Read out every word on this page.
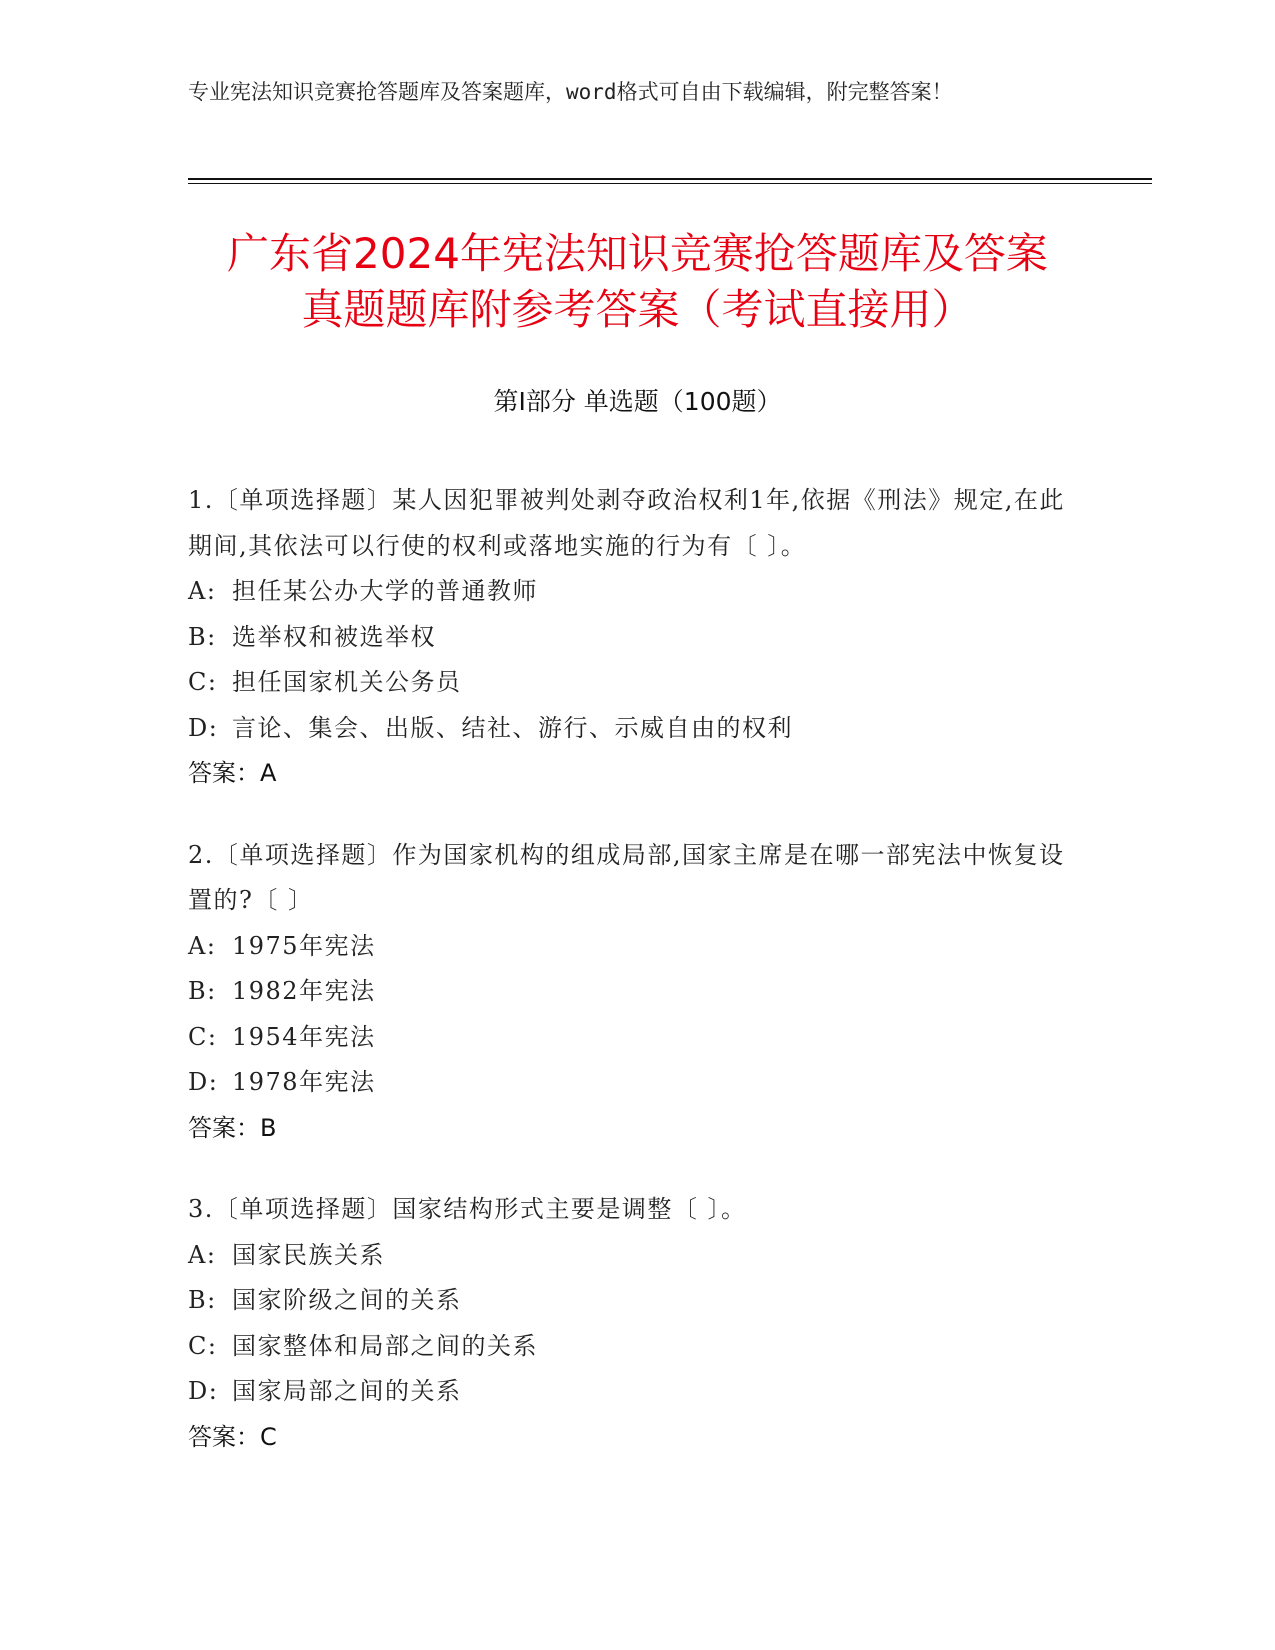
专业宪法知识竞赛抢答题库及答案题库，word格式可自由下载编辑，附完整答案！
广东省2024年宪法知识竞赛抢答题库及答案
真题题库附参考答案（考试直接用）
第Ⅰ部分 单选题（100题）
1.〔单项选择题〕某人因犯罪被判处剥夺政治权利1年,依据《刑法》规定,在此期间,其依法可以行使的权利或落地实施的行为有〔 〕。
A: 担任某公办大学的普通教师
B: 选举权和被选举权
C: 担任国家机关公务员
D: 言论、集会、出版、结社、游行、示威自由的权利
答案：A
2.〔单项选择题〕作为国家机构的组成局部,国家主席是在哪一部宪法中恢复设置的?〔 〕
A: 1975年宪法
B: 1982年宪法
C: 1954年宪法
D: 1978年宪法
答案：B
3.〔单项选择题〕国家结构形式主要是调整〔 〕。
A: 国家民族关系
B: 国家阶级之间的关系
C: 国家整体和局部之间的关系
D: 国家局部之间的关系
答案：C
